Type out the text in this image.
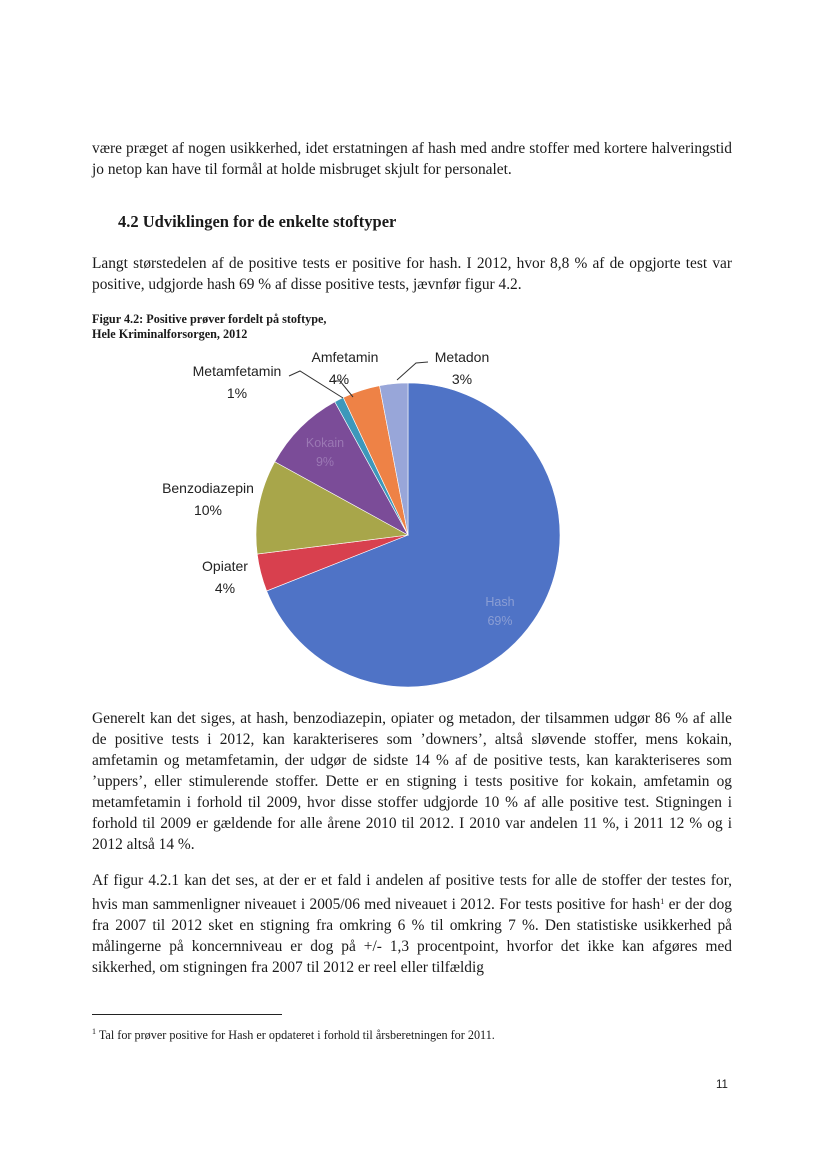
være præget af nogen usikkerhed, idet erstatningen af hash med andre stoffer med kortere halveringstid jo netop kan have til formål at holde misbruget skjult for personalet.

4.2 Udviklingen for de enkelte stoftyper

Langt størstedelen af de positive tests er positive for hash. I 2012, hvor 8,8 % af de opgjorte test var positive, udgjorde hash 69 % af disse positive tests, jævnfør figur 4.2.

Figur 4.2: Positive prøver fordelt på stoftype,
Hele Kriminalforsorgen, 2012
Hash
69%
Opiater
4%
Benzodiazepin
10%
Kokain
9%
Metamfetamin
1%
Amfetamin
4%
Metadon
3%

Generelt kan det siges, at hash, benzodiazepin, opiater og metadon, der tilsammen udgør 86 % af alle de positive tests i 2012, kan karakteriseres som ’downers’, altså sløvende stoffer, mens kokain, amfetamin og metamfetamin, der udgør de sidste 14 % af de positive tests, kan karakteriseres som ’uppers’, eller stimulerende stoffer. Dette er en stigning i tests positive for kokain, amfetamin og metamfetamin i forhold til 2009, hvor disse stoffer udgjorde 10 % af alle positive test. Stigningen i forhold til 2009 er gældende for alle årene 2010 til 2012. I 2010 var andelen 11 %, i 2011 12 % og i 2012 altså 14 %.

Af figur 4.2.1 kan det ses, at der er et fald i andelen af positive tests for alle de stoffer der testes for, hvis man sammenligner niveauet i 2005/06 med niveauet i 2012. For tests positive for hash$^1$ er der dog fra 2007 til 2012 sket en stigning fra omkring 6 % til omkring 7 %. Den statistiske usikkerhed på målingerne på koncernniveau er dog på +/- 1,3 procentpoint, hvorfor det ikke kan afgøres med sikkerhed, om stigningen fra 2007 til 2012 er reel eller tilfældig

$^1$ Tal for prøver positive for Hash er opdateret i forhold til årsberetningen for 2011.

11
